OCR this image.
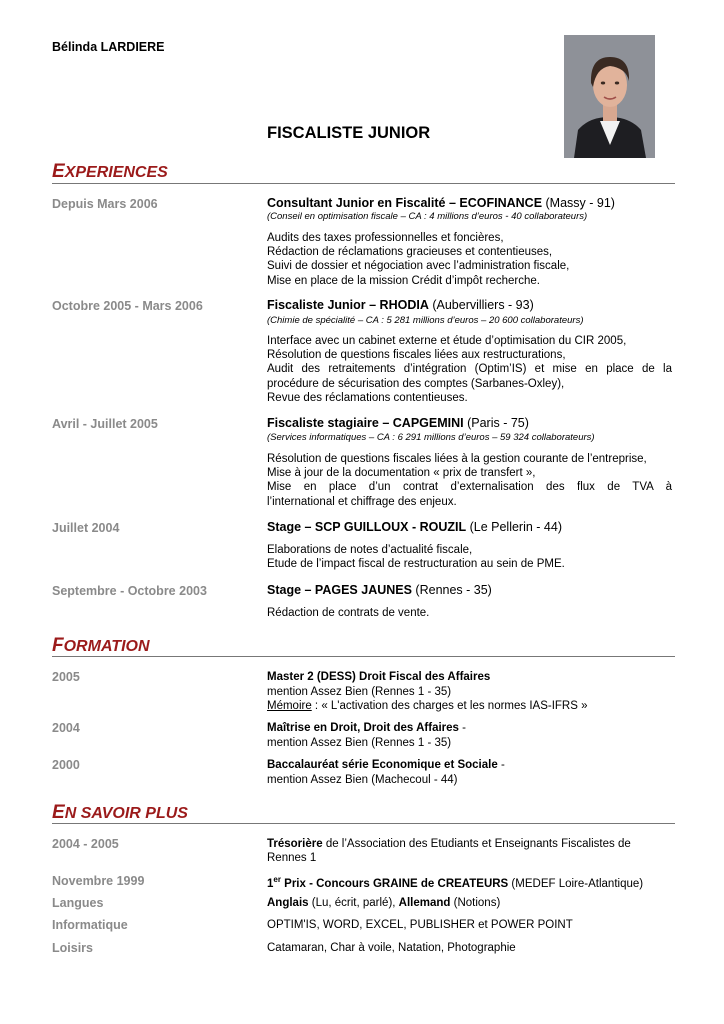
Bélinda LARDIERE
FISCALISTE JUNIOR
EXPERIENCES
Depuis Mars 2006	Consultant Junior en Fiscalité – ECOFINANCE (Massy - 91)
(Conseil en optimisation fiscale – CA : 4 millions d’euros - 40 collaborateurs)
Audits des taxes professionnelles et foncières,
Rédaction de réclamations gracieuses et contentieuses,
Suivi de dossier et négociation avec l’administration fiscale,
Mise en place de la mission Crédit d’impôt recherche.
Octobre 2005 - Mars 2006	Fiscaliste Junior – RHODIA (Aubervilliers - 93)
(Chimie de spécialité – CA : 5 281 millions d’euros – 20 600 collaborateurs)
Interface avec un cabinet externe et étude d’optimisation du CIR 2005,
Résolution de questions fiscales liées aux restructurations,
Audit des retraitements d’intégration (Optim’IS) et mise en place de la
procédure de sécurisation des comptes (Sarbanes-Oxley),
Revue des réclamations contentieuses.
Avril - Juillet 2005	Fiscaliste stagiaire – CAPGEMINI (Paris - 75)
(Services informatiques – CA : 6 291 millions d’euros – 59 324 collaborateurs)
Résolution de questions fiscales liées à la gestion courante de l’entreprise,
Mise à jour de la documentation « prix de transfert »,
Mise en place d’un contrat d’externalisation des flux de TVA à
l’international et chiffrage des enjeux.
Juillet 2004	Stage – SCP GUILLOUX - ROUZIL (Le Pellerin - 44)
Elaborations de notes d’actualité fiscale,
Etude de l’impact fiscal de restructuration au sein de PME.
Septembre - Octobre 2003	Stage – PAGES JAUNES (Rennes - 35)
Rédaction de contrats de vente.
FORMATION
2005	Master 2 (DESS) Droit Fiscal des Affaires
mention Assez Bien (Rennes 1 - 35)
Mémoire : « L'activation des charges et les normes IAS-IFRS »
2004	Maîtrise en Droit, Droit des Affaires -
mention Assez Bien (Rennes 1 - 35)
2000	Baccalauréat série Economique et Sociale -
mention Assez Bien (Machecoul - 44)
EN SAVOIR PLUS
2004 - 2005	Trésorière de l’Association des Etudiants et Enseignants Fiscalistes de
Rennes 1
Novembre 1999	1er Prix - Concours GRAINE de CREATEURS (MEDEF Loire-Atlantique)
Langues	Anglais (Lu, écrit, parlé), Allemand (Notions)
Informatique	OPTIM'IS, WORD, EXCEL, PUBLISHER et POWER POINT
Loisirs	Catamaran, Char à voile, Natation, Photographie
